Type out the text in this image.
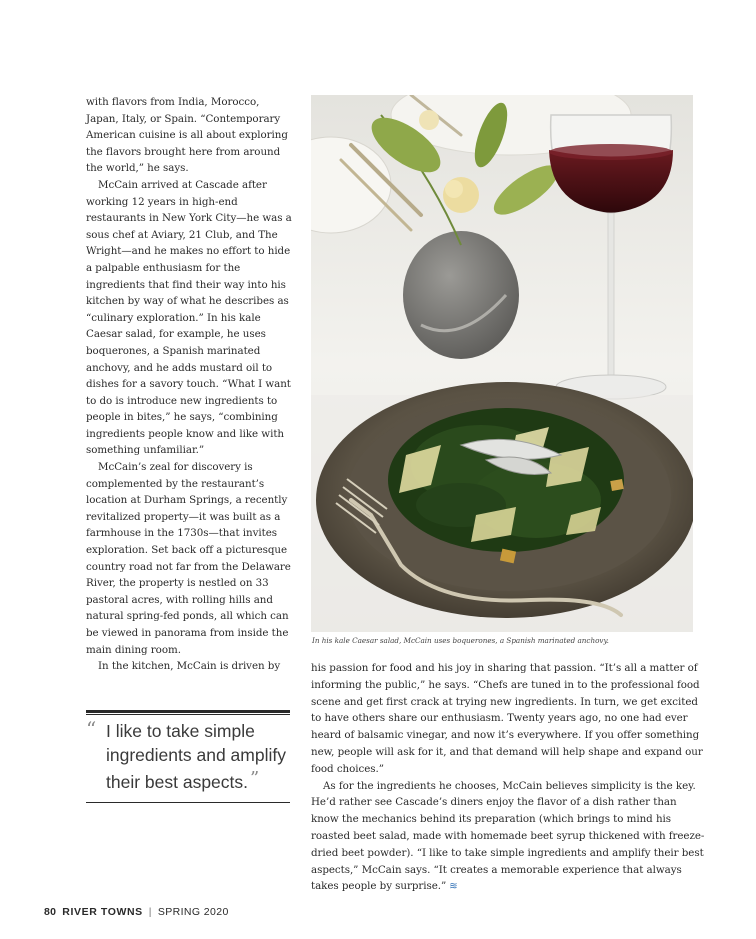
with flavors from India, Morocco, Japan, Italy, or Spain. “Contemporary American cuisine is all about exploring the flavors brought here from around the world,” he says.

McCain arrived at Cascade after working 12 years in high-end restaurants in New York City—he was a sous chef at Aviary, 21 Club, and The Wright—and he makes no effort to hide a palpable enthusiasm for the ingredients that find their way into his kitchen by way of what he describes as “culinary exploration.” In his kale Caesar salad, for example, he uses boquerones, a Spanish marinated anchovy, and he adds mustard oil to dishes for a savory touch. “What I want to do is introduce new ingredients to people in bites,” he says, “combining ingredients people know and like with something unfamiliar.”

McCain’s zeal for discovery is complemented by the restaurant’s location at Durham Springs, a recently revitalized property—it was built as a farmhouse in the 1730s—that invites exploration. Set back off a picturesque country road not far from the Delaware River, the property is nestled on 33 pastoral acres, with rolling hills and natural spring-fed ponds, all which can be viewed in panorama from inside the main dining room.

In the kitchen, McCain is driven by

In his kale Caesar salad, McCain uses boquerones, a Spanish marinated anchovy.
“ I like to take simple ingredients and amplify their best aspects. ”

his passion for food and his joy in sharing that passion. “It’s all a matter of informing the public,” he says. “Chefs are tuned in to the professional food scene and get first crack at trying new ingredients. In turn, we get excited to have others share our enthusiasm. Twenty years ago, no one had ever heard of balsamic vinegar, and now it’s everywhere. If you offer something new, people will ask for it, and that demand will help shape and expand our food choices.”

As for the ingredients he chooses, McCain believes simplicity is the key. He’d rather see Cascade’s diners enjoy the flavor of a dish rather than know the mechanics behind its preparation (which brings to mind his roasted beet salad, made with homemade beet syrup thickened with freeze-dried beet powder). “I like to take simple ingredients and amplify their best aspects,” McCain says. “It creates a memorable experience that always takes people by surprise.” ≋

80 RIVER TOWNS | SPRING 2020
